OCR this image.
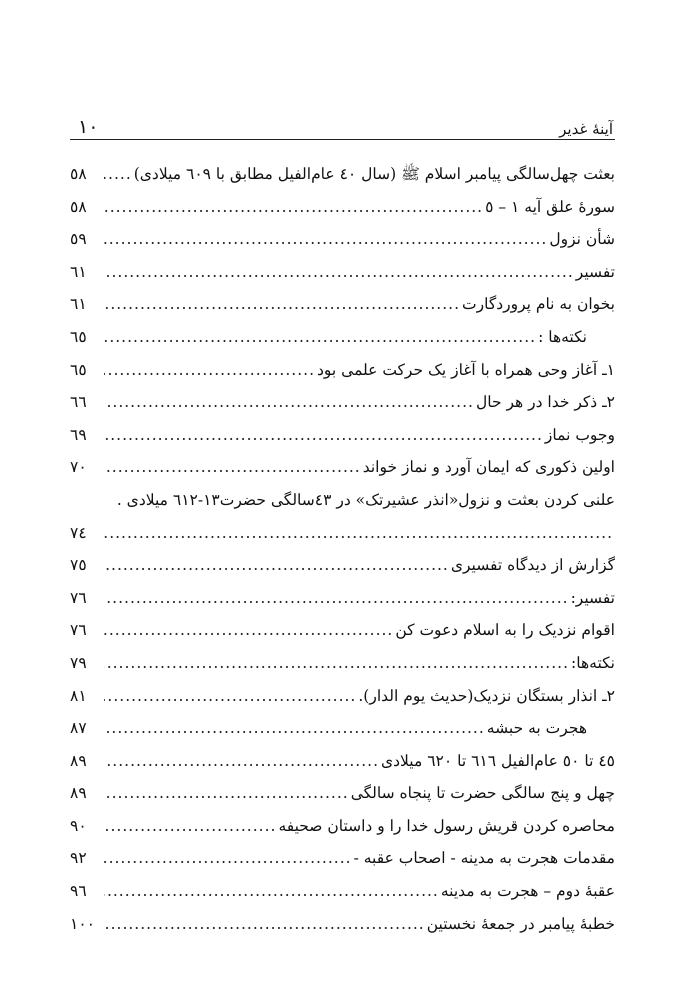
آينۀ غدير
١٠
بعثت چهل‌سالگی پیامبر اسلام ﷺ (سال ٤٠ عام‌الفيل مطابق با ٦٠٩ میلادی)
.....
٥٨
سورۀ علق آيه ١ – ٥
.....
٥٨
شأن نزول
.....
٥٩
تفسير
.....
٦١
بخوان به نام پروردگارت
.....
٦١
نکته‌ها :
.....
٦٥
١ـ آغاز وحی همراه با آغاز يک حرکت علمی بود
.....
٦٥
٢ـ ذکر خدا در هر حال
.....
٦٦
وجوب نماز
.....
٦٩
اولين ذکوری که ايمان آورد و نماز خواند
.....
٧٠
علنی کردن بعثت و نزول«انذر عشيرتک» در ٤٣سالگی حضرت١٣-٦١٢ ميلادی .
.....
٧٤
گزارش از ديدگاه تفسيری
.....
٧٥
تفسير:
.....
٧٦
اقوام نزديک را به اسلام دعوت کن
.....
٧٦
نکته‌ها:
.....
٧٩
٢ـ انذار بستگان نزديک(حديث يوم الدار).
.....
٨١
هجرت به حبشه
.....
٨٧
٤٥ تا ٥٠ عام‌الفيل ٦١٦ تا ٦٢٠ ميلادی
.....
٨٩
چهل و پنج سالگی حضرت تا پنجاه سالگی
.....
٨٩
محاصره کردن قريش رسول خدا را و داستان صحيفه
.....
٩٠
مقدمات هجرت به مدينه - اصحاب عقبه -
.....
٩٢
عقبۀ دوم – هجرت به مدينه
.....
٩٦
خطبۀ پيامبر در جمعۀ نخستين
.....
١٠٠
